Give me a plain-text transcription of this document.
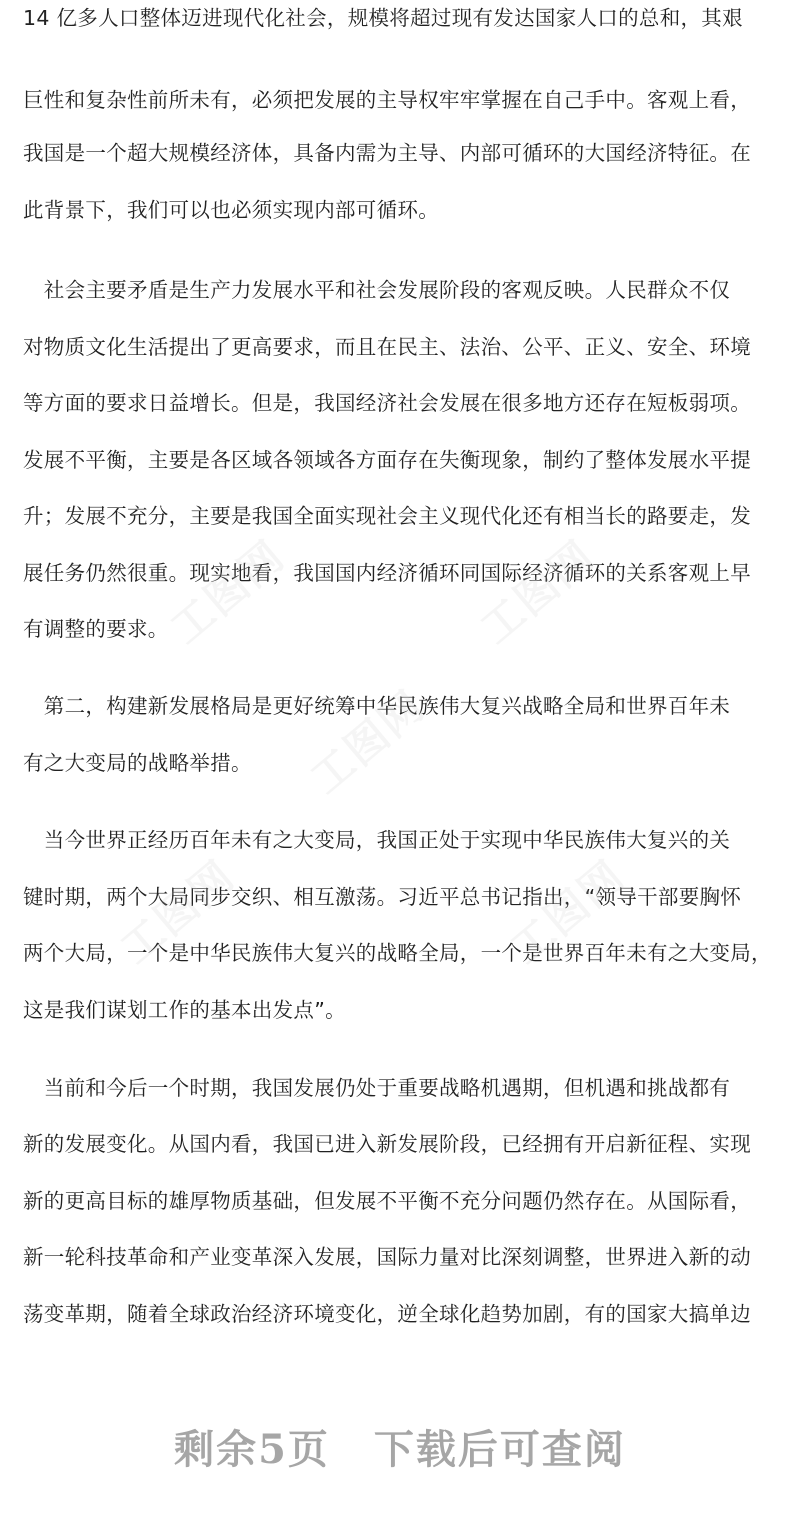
14 亿多人口整体迈进现代化社会，规模将超过现有发达国家人口的总和，其艰
巨性和复杂性前所未有，必须把发展的主导权牢牢掌握在自己手中。客观上看，
我国是一个超大规模经济体，具备内需为主导、内部可循环的大国经济特征。在
此背景下，我们可以也必须实现内部可循环。
　社会主要矛盾是生产力发展水平和社会发展阶段的客观反映。人民群众不仅
对物质文化生活提出了更高要求，而且在民主、法治、公平、正义、安全、环境
等方面的要求日益增长。但是，我国经济社会发展在很多地方还存在短板弱项。
发展不平衡，主要是各区域各领域各方面存在失衡现象，制约了整体发展水平提
升；发展不充分，主要是我国全面实现社会主义现代化还有相当长的路要走，发
展任务仍然很重。现实地看，我国国内经济循环同国际经济循环的关系客观上早
有调整的要求。
　第二，构建新发展格局是更好统筹中华民族伟大复兴战略全局和世界百年未
有之大变局的战略举措。
　当今世界正经历百年未有之大变局，我国正处于实现中华民族伟大复兴的关
键时期，两个大局同步交织、相互激荡。习近平总书记指出，“领导干部要胸怀
两个大局，一个是中华民族伟大复兴的战略全局，一个是世界百年未有之大变局，
这是我们谋划工作的基本出发点”。
　当前和今后一个时期，我国发展仍处于重要战略机遇期，但机遇和挑战都有
新的发展变化。从国内看，我国已进入新发展阶段，已经拥有开启新征程、实现
新的更高目标的雄厚物质基础，但发展不平衡不充分问题仍然存在。从国际看，
新一轮科技革命和产业变革深入发展，国际力量对比深刻调整，世界进入新的动
荡变革期，随着全球政治经济环境变化，逆全球化趋势加剧，有的国家大搞单边
工图网	工图网
工图网
工图网	工图网
剩余5页 下载后可查阅
